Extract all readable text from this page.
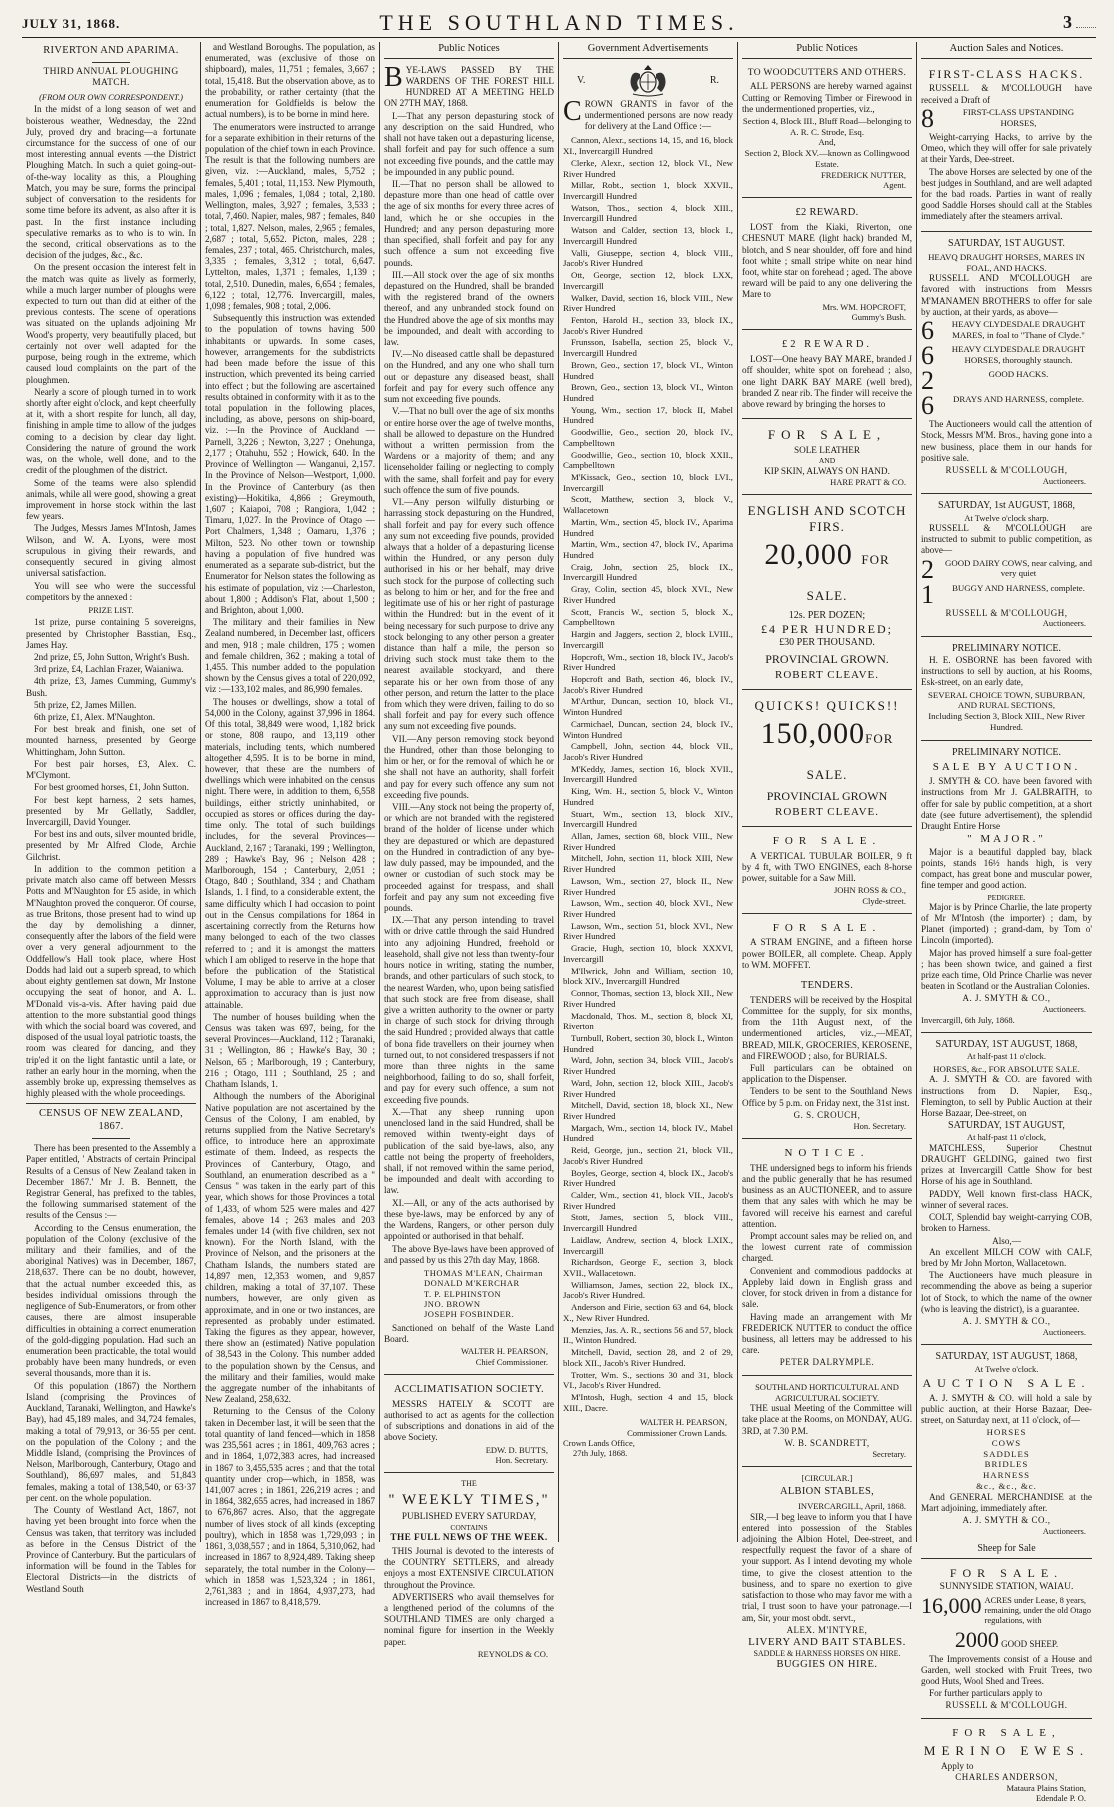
JULY 31, 1868.	THE SOUTHLAND TIMES.	3
RIVERTON AND APARIMA.
THIRD ANNUAL PLOUGHING MATCH.
(FROM OUR OWN CORRESPONDENT.)

In the midst of a long season of wet and boisterous weather, Wednesday, the 22nd July, proved dry and bracing—a fortunate circumstance for the success of one of our most interesting annual events —the District Ploughing Match. In such a quiet going-out-of-the-way locality as this, a Ploughing Match, you may be sure, forms the principal subject of conversation to the residents for some time before its advent, as also after it is past. In the first instance including speculative remarks as to who is to win. In the second, critical observations as to the decision of the judges, &c., &c.

On the present occasion the interest felt in the match was quite as lively as formerly, while a much larger number of ploughs were expected to turn out than did at either of the previous contests. The scene of operations was situated on the uplands adjoining Mr Wood's property, very beautifully placed, but certainly not over well adapted for the purpose, being rough in the extreme, which caused loud complaints on the part of the ploughmen.

Nearly a score of plough turned in to work shortly after eight o'clock, and kept cheerfully at it, with a short respite for lunch, all day, finishing in ample time to allow of the judges coming to a decision by clear day light. Considering the nature of ground the work was, on the whole, well done, and to the credit of the ploughmen of the district.

Some of the teams were also splendid animals, while all were good, showing a great improvement in horse stock within the last few years.

The Judges, Messrs James M'Intosh, James Wilson, and W. A. Lyons, were most scrupulous in giving their rewards, and consequently secured in giving almost universal satisfaction.

You will see who were the successful competitors by the annexed :

PRIZE LIST.

1st prize, purse containing 5 sovereigns, presented by Christopher Basstian, Esq., James Hay.

2nd prize, £5, John Sutton, Wright's Bush.

3rd prize, £4, Lachlan Frazer, Waianiwa.

4th prize, £3, James Cumming, Gummy's Bush.

5th prize, £2, James Millen.

6th prize, £1, Alex. M'Naughton.

For best break and finish, one set of mounted harness, presented by George Whittingham, John Sutton.

For best pair horses, £3, Alex. C. M'Clymont.

For best groomed horses, £1, John Sutton.

For best kept harness, 2 sets hames, presented by Mr Gellatly, Saddler, Invercargill, David Younger.

For best ins and outs, silver mounted bridle, presented by Mr Alfred Clode, Archie Gilchrist.

In addition to the common petition a private match also came off between Messrs Potts and M'Naughton for £5 aside, in which M'Naughton proved the conqueror. Of course, as true Britons, those present had to wind up the day by demolishing a dinner, consequently after the labors of the field were over a very general adjournment to the Oddfellow's Hall took place, where Host Dodds had laid out a superb spread, to which about eighty gentlemen sat down, Mr Instone occupying the seat of honor, and A. L. M'Donald vis-a-vis. After having paid due attention to the more substantial good things with which the social board was covered, and disposed of the usual loyal patriotic toasts, the room was cleared for dancing, and they trip'ed it on the light fantastic until a late, or rather an early hour in the morning, when the assembly broke up, expressing themselves as highly pleased with the whole proceedings.

CENSUS OF NEW ZEALAND, 1867.

There has been presented to the Assembly a Paper entitled, ' Abstracts of certain Principal Results of a Census of New Zealand taken in December 1867.' Mr J. B. Bennett, the Registrar General, has prefixed to the tables, the following summarised statement of the results of the Census :—

According to the Census enumeration, the population of the Colony (exclusive of the military and their families, and of the aboriginal Natives) was in December, 1867, 218,637. There can be no doubt, however, that the actual number exceeded this, as besides individual omissions through the negligence of Sub-Enumerators, or from other causes, there are almost insuperable difficulties in obtaining a correct enumeration of the gold-digging population. Had such an enumeration been practicable, the total would probably have been many hundreds, or even several thousands, more than it is.

Of this population (1867) the Northern Island (comprising the Provinces of Auckland, Taranaki, Wellington, and Hawke's Bay), had 45,189 males, and 34,724 females, making a total of 79,913, or 36·55 per cent. on the population of the Colony ; and the Middle Island, (comprising the Provinces of Nelson, Marlborough, Canterbury, Otago and Southland), 86,697 males, and 51,843 females, making a total of 138,540, or 63·37 per cent. on the whole population.

The County of Westland Act, 1867, not having yet been brought into force when the Census was taken, that territory was included as before in the Census District of the Province of Canterbury. But the particulars of information will be found in the Tables for Electoral Districts—in the districts of Westland South

and Westland Boroughs. The population, as enumerated, was (exclusive of those on shipboard), males, 11,751 ; females, 3,667 ; total, 15,418. But the observation above, as to the probability, or rather certainty (that the enumeration for Goldfields is below the actual numbers), is to be borne in mind here.

The enumerators were instructed to arrange for a separate exhibition in their returns of the population of the chief town in each Province. The result is that the following numbers are given, viz. :—Auckland, males, 5,752 ; females, 5,401 ; total, 11,153. New Plymouth, males, 1,096 ; females, 1,084 ; total, 2,180. Wellington, males, 3,927 ; females, 3,533 ; total, 7,460. Napier, males, 987 ; females, 840 ; total, 1,827. Nelson, males, 2,965 ; females, 2,687 ; total, 5,652. Picton, males, 228 ; females, 237 ; total, 465. Christchurch, males, 3,335 ; females, 3,312 ; total, 6,647. Lyttelton, males, 1,371 ; females, 1,139 ; total, 2,510. Dunedin, males, 6,654 ; females, 6,122 ; total, 12,776. Invercargill, males, 1,098 ; females, 908 ; total, 2,006.

Subsequently this instruction was extended to the population of towns having 500 inhabitants or upwards. In some cases, however, arrangements for the subdistricts had been made before the issue of this instruction, which prevented its being carried into effect ; but the following are ascertained results obtained in conformity with it as to the total population in the following places, including, as above, persons on ship-board, viz. :—In the Province of Auckland — Parnell, 3,226 ; Newton, 3,227 ; Onehunga, 2,177 ; Otahuhu, 552 ; Howick, 640. In the Province of Wellington — Wanganui, 2,157. In the Province of Nelson—Westport, 1,000. In the Province of Canterbury (as then existing)—Hokitika, 4,866 ; Greymouth, 1,607 ; Kaiapoi, 708 ; Rangiora, 1,042 ; Timaru, 1,027. In the Province of Otago — Port Chalmers, 1,348 ; Oamaru, 1,376 ; Milton, 523. No other town or township having a population of five hundred was enumerated as a separate sub-district, but the Enumerator for Nelson states the following as his estimate of population, viz :—Charleston, about 1,800 ; Addison's Flat, about 1,500 ; and Brighton, about 1,000.

The military and their families in New Zealand numbered, in December last, officers and men, 918 ; male children, 175 ; women and female children, 362 ; making a total of 1,455. This number added to the population shown by the Census gives a total of 220,092, viz :—133,102 males, and 86,990 females.

The houses or dwellings, show a total of 54,000 in the Colony, against 37,996 in 1864. Of this total, 38,849 were wood, 1,182 brick or stone, 808 raupo, and 13,119 other materials, including tents, which numbered altogether 4,595. It is to be borne in mind, however, that these are the numbers of dwellings which were inhabited on the census night. There were, in addition to them, 6,558 buildings, either strictly uninhabited, or occupied as stores or offices during the day-time only. The total of such buildings includes, for the several Provinces—Auckland, 2,167 ; Taranaki, 199 ; Wellington, 289 ; Hawke's Bay, 96 ; Nelson 428 ; Marlborough, 154 ; Canterbury, 2,051 ; Otago, 840 ; Southland, 334 ; and Chatham Islands, 1. I find, to a considerable extent, the same difficulty which I had occasion to point out in the Census compilations for 1864 in ascertaining correctly from the Returns how many belonged to each of the two classes referred to ; and it is amongst the matters which I am obliged to reserve in the hope that before the publication of the Statistical Volume, I may be able to arrive at a closer approximation to accuracy than is just now attainable.

The number of houses building when the Census was taken was 697, being, for the several Provinces—Auckland, 112 ; Taranaki, 31 ; Wellington, 86 ; Hawke's Bay, 30 ; Nelson, 65 ; Marlborough, 19 ; Canterbury, 216 ; Otago, 111 ; Southland, 25 ; and Chatham Islands, 1.

Although the numbers of the Aboriginal Native population are not ascertained by the Census of the Colony, I am enabled, by returns supplied from the Native Secretary's office, to introduce here an approximate estimate of them. Indeed, as respects the Provinces of Canterbury, Otago, and Southland, an enumeration described as a " Census " was taken in the early part of this year, which shows for those Provinces a total of 1,433, of whom 525 were males and 427 females, above 14 ; 263 males and 203 females under 14 (with five children, sex not known). For the North Island, with the Province of Nelson, and the prisoners at the Chatham Islands, the numbers stated are 14,897 men, 12,353 women, and 9,857 children, making a total of 37,107. These numbers, however, are only given as approximate, and in one or two instances, are represented as probably under estimated. Taking the figures as they appear, however, there show an (estimated) Native population of 38,543 in the Colony. This number added to the population shown by the Census, and the military and their families, would make the aggregate number of the inhabitants of New Zealand, 258,632.

Returning to the Census of the Colony taken in December last, it will be seen that the total quantity of land fenced—which in 1858 was 235,561 acres ; in 1861, 409,763 acres ; and in 1864, 1,072,383 acres, had increased in 1867 to 3,455,535 acres ; and that the total quantity under crop—which, in 1858, was 141,007 acres ; in 1861, 226,219 acres ; and in 1864, 382,655 acres, had increased in 1867 to 676,867 acres. Also, that the aggregate number of lives stock of all kinds (excepting poultry), which in 1858 was 1,729,093 ; in 1861, 3,038,557 ; and in 1864, 5,310,062, had increased in 1867 to 8,924,489. Taking sheep separately, the total number in the Colony—which in 1858 was 1,523,324 ; in 1861, 2,761,383 ; and in 1864, 4,937,273, had increased in 1867 to 8,418,579.

Public Notices

BYE-LAWS PASSED BY THE WARDENS OF THE FOREST HILL HUNDRED AT A MEETING HELD ON 27TH MAY, 1868.

I.—That any person depasturing stock of any description on the said Hundred, who shall not have taken out a depasturing license, shall forfeit and pay for such offence a sum not exceeding five pounds, and the cattle may be impounded in any public pound.

II.—That no person shall be allowed to depasture more than one head of cattle over the age of six months for every three acres of land, which he or she occupies in the Hundred; and any person depasturing more than specified, shall forfeit and pay for any such offence a sum not exceeding five pounds.

III.—All stock over the age of six months depastured on the Hundred, shall be branded with the registered brand of the owners thereof, and any unbranded stock found on the Hundred above the age of six months may be impounded, and dealt with according to law.

IV.—No diseased cattle shall be depastured on the Hundred, and any one who shall turn out or depasture any diseased beast, shall forfeit and pay for every such offence any sum not exceeding five pounds.

V.—That no bull over the age of six months or entire horse over the age of twelve months, shall be allowed to depasture on the Hundred without a written permission from the Wardens or a majority of them; and any licenseholder failing or neglecting to comply with the same, shall forfeit and pay for every such offence the sum of five pounds.

VI.—Any person wilfully disturbing or harrassing stock depasturing on the Hundred, shall forfeit and pay for every such offence any sum not exceeding five pounds, provided always that a holder of a depasturing license within the Hundred, or any person duly authorised in his or her behalf, may drive such stock for the purpose of collecting such as belong to him or her, and for the free and legitimate use of his or her right of pasturage within the Hundred: but in the event of it being necessary for such purpose to drive any stock belonging to any other person a greater distance than half a mile, the person so driving such stock must take them to the nearest available stockyard, and there separate his or her own from those of any other person, and return the latter to the place from which they were driven, failing to do so shall forfeit and pay for every such offence any sum not exceeding five pounds.

VII.—Any person removing stock beyond the Hundred, other than those belonging to him or her, or for the removal of which he or she shall not have an authority, shall forfeit and pay for every such offence any sum not exceeding five pounds.

VIII.—Any stock not being the property of, or which are not branded with the registered brand of the holder of license under which they are depastured or which are depastured on the Hundred in contradiction of any bye-law duly passed, may be impounded, and the owner or custodian of such stock may be proceeded against for trespass, and shall forfeit and pay any sum not exceeding five pounds.

IX.—That any person intending to travel with or drive cattle through the said Hundred into any adjoining Hundred, freehold or leasehold, shall give not less than twenty-four hours notice in writing, stating the number, brands, and other particulars of such stock, to the nearest Warden, who, upon being satisfied that such stock are free from disease, shall give a written authority to the owner or party in charge of such stock for driving through the said Hundred ; provided always that cattle of bona fide travellers on their journey when turned out, to not considered trespassers if not more than three nights in the same neighborhood, failing to do so, shall forfeit, and pay for every such offence, a sum not exceeding five pounds.

X.—That any sheep running upon unenclosed land in the said Hundred, shall be removed within twenty-eight days of publication of the said bye-laws, also, any cattle not being the property of freeholders, shall, if not removed within the same period, be impounded and dealt with according to law.

XI.—All, or any of the acts authorised by these bye-laws, may be enforced by any of the Wardens, Rangers, or other person duly appointed or authorised in that behalf.

The above Bye-laws have been approved of and passed by us this 27th day May, 1868.

THOMAS M'LEAN, Chairman
DONALD M'KERCHAR
T. P. ELPHINSTON
JNO. BROWN
JOSEPH FOSBINDER.

Sanctioned on behalf of the Waste Land Board.

WALTER H. PEARSON,
Chief Commissioner.
ACCLIMATISATION SOCIETY.

MESSRS HATELY & SCOTT are authorised to act as agents for the collection of subscriptions and donations in aid of the above Society.

EDW. D. BUTTS,
Hon. Secretary.
THE
" WEEKLY TIMES,"
PUBLISHED EVERY SATURDAY,
CONTAINS
THE FULL NEWS OF THE WEEK.

THIS Journal is devoted to the interests of the COUNTRY SETTLERS, and already enjoys a most EXTENSIVE CIRCULATION throughout the Province.

ADVERTISERS who avail themselves for a lengthened period of the columns of the SOUTHLAND TIMES are only charged a nominal figure for insertion in the Weekly paper.

REYNOLDS & CO.
Government Advertisements
V.	R.

CROWN GRANTS in favor of the undermentioned persons are now ready for delivery at the Land Office :—

Cannon, Alexr., sections 14, 15, and 16, block XI., Invercargill Hundred

Clerke, Alexr., section 12, block VI., New River Hundred

Millar, Robt., section 1, block XXVII., Invercargill Hundred

Watson, Thos., section 4, block XIII., Invercargill Hundred

Watson and Calder, section 13, block I., Invercargill Hundred

Valli, Giuseppe, section 4, block VIII., Jacob's River Hundred

Ott, George, section 12, block LXX, Invercargill

Walker, David, section 16, block VIII., New River Hundred

Fenton, Harold H., section 33, block IX., Jacob's River Hundred

Frunsson, Isabella, section 25, block V., Invercargill Hundred

Brown, Geo., section 17, block VI., Winton Hundred

Brown, Geo., section 13, block VI., Winton Hundred

Young, Wm., section 17, block II, Mabel Hundred

Goodwillie, Geo., section 20, block IV., Campbelltown

Goodwillie, Geo., section 10, block XXII., Campbelltown

M'Kissack, Geo., section 10, block LVI., Invercargill

Scott, Matthew, section 3, block V., Wallacetown

Martin, Wm., section 45, block IV., Aparima Hundred

Martin, Wm., section 47, block IV., Aparima Hundred

Craig, John, section 25, block IX., Invercargill Hundred

Gray, Colin, section 45, block XVI., New River Hundred

Scott, Francis W., section 5, block X., Campbelltown

Hargin and Jaggers, section 2, block LVIII., Invercargill

Hopcroft, Wm., section 18, block IV., Jacob's River Hundred

Hopcroft and Bath, section 46, block IV., Jacob's River Hundred

M'Arthur, Duncan, section 10, block VI., Winton Hundred

Carmichael, Duncan, section 24, block IV., Winton Hundred

Campbell, John, section 44, block VII., Jacob's River Hundred

M'Keddy, James, section 16, block XVII., Invercargill Hundred

King, Wm. H., section 5, block V., Winton Hundred

Stuart, Wm., section 13, block XIV., Invercargill Hundred

Allan, James, section 68, block VIII., New River Hundred

Mitchell, John, section 11, block XIII, New River Hundred

Lawson, Wm., section 27, block II., New River Hundred

Lawson, Wm., section 40, block XVI., New River Hundred

Lawson, Wm., section 51, block XVI., New River Hundred

Gracie, Hugh, section 10, block XXXVI, Invercargill

M'Ilwrick, John and William, section 10, block XIV., Invercargill Hundred

Connor, Thomas, section 13, block XII., New River Hundred

Macdonald, Thos. M., section 8, block XI, Riverton

Turnbull, Robert, section 30, block I., Winton Hundred

Ward, John, section 34, block VIII., Jacob's River Hundred

Ward, John, section 12, block XIII., Jacob's River Hundred

Mitchell, David, section 18, block XI., New River Hundred

Margach, Wm., section 14, block IV., Mabel Hundred

Reid, George, jun., section 21, block VII., Jacob's River Hundred

Boyles, George, section 4, block IX., Jacob's River Hundred

Calder, Wm., section 41, block VII., Jacob's River Hundred

Stott, James, section 5, block VIII., Invercargill Hundred

Laidlaw, Andrew, section 4, block LXIX., Invercargill

Richardson, George F., section 3, block XVII., Wallacetown.

Williamson, James, section 22, block IX., Jacob's River Hundred.

Anderson and Firie, section 63 and 64, block X., New River Hundred.

Menzies, Jas. A. R., sections 56 and 57, block II., Winton Hundred.

Mitchell, David, section 28, and 2 of 29, block XII., Jacob's River Hundred.

Trotter, Wm. S., sections 30 and 31, block VI., Jacob's River Hundred.

M'Intosh, Hugh, section 4 and 15, block XIII., Dacre.

WALTER H. PEARSON,
Commissioner Crown Lands.
Crown Lands Office,
27th July, 1868.
Public Notices
TO WOODCUTTERS AND OTHERS.

ALL PERSONS are hereby warned against Cutting or Removing Timber or Firewood in the undermentioned properties, viz.,

Section 4, Block III., Bluff Road—belonging to A. R. C. Strode, Esq.
And,
Section 2, Block XV.—known as Collingwood Estate.
FREDERICK NUTTER,
Agent.
£2 REWARD.

LOST from the Kiaki, Riverton, one CHESNUT MARE (light hack) branded M, blotch, and S near shoulder, off fore and hind foot white ; small stripe white on near hind foot, white star on forehead ; aged. The above reward will be paid to any one delivering the Mare to

Mrs. WM. HOPCROFT,
Gummy's Bush.
£2 REWARD.

LOST—One heavy BAY MARE, branded J off shoulder, white spot on forehead ; also, one light DARK BAY MARE (well bred), branded Z near rib. The finder will receive the above reward by bringing the horses to

FOR SALE,
SOLE LEATHER
AND
KIP SKIN, ALWAYS ON HAND.
HARE PRATT & CO.
ENGLISH AND SCOTCH FIRS.
20,000 FOR SALE.
12s. PER DOZEN;
£4 PER HUNDRED;
£30 PER THOUSAND.
PROVINCIAL GROWN.
ROBERT CLEAVE.
QUICKS! QUICKS!!
150,000FOR SALE.
PROVINCIAL GROWN
ROBERT CLEAVE.
FOR SALE.

A VERTICAL TUBULAR BOILER, 9 ft by 4 ft, with TWO ENGINES, each 8-horse power, suitable for a Saw Mill.

JOHN ROSS & CO.,
Clyde-street.
FOR SALE.

A STRAM ENGINE, and a fifteen horse power BOILER, all complete. Cheap. Apply to WM. MOFFET.

TENDERS.

TENDERS will be received by the Hospital Committee for the supply, for six months, from the 11th August next, of the undermentioned articles, viz.,—MEAT, BREAD, MILK, GROCERIES, KEROSENE, and FIREWOOD ; also, for BURIALS.

Full particulars can be obtained on application to the Dispenser.

Tenders to be sent to the Southland News Office by 5 p.m. on Friday next, the 31st inst.

G. S. CROUCH,
Hon. Secretary.
NOTICE.

THE undersigned begs to inform his friends and the public generally that he has resumed business as an AUCTIONEER, and to assure them that any sales with which he may be favored will receive his earnest and careful attention.

Prompt account sales may be relied on, and the lowest current rate of commission charged.

Convenient and commodious paddocks at Appleby laid down in English grass and clover, for stock driven in from a distance for sale.

Having made an arrangement with Mr FREDERICK NUTTER to conduct the office business, all letters may be addressed to his care.

PETER DALRYMPLE.
SOUTHLAND HORTICULTURAL AND AGRICULTURAL SOCIETY.

THE usual Meeting of the Committee will take place at the Rooms, on MONDAY, AUG. 3RD, at 7.30 P.M.

W. B. SCANDRETT,
Secretary.
[CIRCULAR.]
ALBION STABLES,
INVERCARGILL, April, 1868.

SIR,—I beg leave to inform you that I have entered into possession of the Stables adjoining the Albion Hotel, Dee-street, and respectfully request the favor of a share of your support. As I intend devoting my whole time, to give the closest attention to the business, and to spare no exertion to give satisfaction to those who may favor me with a trial, I trust soon to have your patronage.—I am, Sir, your most obdt. servt.,

ALEX. M'INTYRE,
LIVERY AND BAIT STABLES.
SADDLE & HARNESS HORSES ON HIRE.
BUGGIES ON HIRE.
Auction Sales and Notices.
FIRST-CLASS HACKS.

RUSSELL & M'COLLOUGH have received a Draft of

8	FIRST-CLASS UPSTANDING HORSES,

Weight-carrying Hacks, to arrive by the Omeo, which they will offer for sale privately at their Yards, Dee-street.

The above Horses are selected by one of the best judges in Southland, and are well adapted for the bad roads. Parties in want of really good Saddle Horses should call at the Stables immediately after the steamers arrival.

SATURDAY, 1ST AUGUST.
HEAVQ DRAUGHT HORSES, MARES IN FOAL, AND HACKS.

RUSSELL AND M'COLLOUGH are favored with instructions from Messrs M'MANAMEN BROTHERS to offer for sale by auction, at their yards, as above—

6	HEAVY CLYDESDALE DRAUGHT MARES, in foal to "Thane of Clyde."
6	HEAVY CLYDESDALE DRAUGHT HORSES, thoroughly staunch.
2	GOOD HACKS.
6	DRAYS AND HARNESS, complete.

The Auctioneers would call the attention of Stock, Messrs M'M. Bros., having gone into a new business, place them in our hands for positive sale.

RUSSELL & M'COLLOUGH,
Auctioneers.
SATURDAY, 1st AUGUST, 1868,
At Twelve o'clock sharp.

RUSSELL & M'COLLOUGH are instructed to submit to public competition, as above—

2	GOOD DAIRY COWS, near calving, and very quiet
1	BUGGY AND HARNESS, complete.
RUSSELL & M'COLLOUGH,
Auctioneers.
PRELIMINARY NOTICE.

H. E. OSBORNE has been favored with instructions to sell by auction, at his Rooms, Esk-street, on an early date,

SEVERAL CHOICE TOWN, SUBURBAN, AND RURAL SECTIONS,
Including Section 3, Block XIII., New River Hundred.
PRELIMINARY NOTICE.
SALE BY AUCTION.

J. SMYTH & CO. have been favored with instructions from Mr J. GALBRAITH, to offer for sale by public competition, at a short date (see future advertisement), the splendid Draught Entire Horse

" MAJOR."

Major is a beautiful dappled bay, black points, stands 16½ hands high, is very compact, has great bone and muscular power, fine temper and good action.

PEDIGREE.

Major is by Prince Charlie, the late property of Mr M'Intosh (the importer) ; dam, by Planet (imported) ; grand-dam, by Tom o' Lincoln (imported).

Major has proved himself a sure foal-getter ; has been shown twice, and gained a first prize each time, Old Prince Charlie was never beaten in Scotland or the Australian Colonies.

A. J. SMYTH & CO.,
Auctioneers.
Invercargill, 6th July, 1868.
SATURDAY, 1ST AUGUST, 1868,
At half-past 11 o'clock.
HORSES, &c., FOR ABSOLUTE SALE.

A. J. SMYTH & CO. are favored with instructions from D. Napier, Esq., Flemington, to sell by Public Auction at their Horse Bazaar, Dee-street, on

SATURDAY, 1ST AUGUST,
At half-past 11 o'clock,

MATCHLESS, Superior Chestnut DRAUGHT GELDING, gained two first prizes at Invercargill Cattle Show for best Horse of his age in Southland.

PADDY, Well known first-class HACK, winner of several races.

COLT, Splendid bay weight-carrying COB, broken to Harness.

Also,—

An excellent MILCH COW with CALF, bred by Mr John Morton, Wallacetown.

The Auctioneers have much pleasure in recommending the above as being a superior lot of Stock, to which the name of the owner (who is leaving the district), is a guarantee.

A. J. SMYTH & CO.,
Auctioneers.
SATURDAY, 1ST AUGUST, 1868,
At Twelve o'clock.
AUCTION SALE.

A. J. SMYTH & CO. will hold a sale by public auction, at their Horse Bazaar, Dee-street, on Saturday next, at 11 o'clock, of—

HORSES
COWS
SADDLES
BRIDLES
HARNESS
&c., &c., &c.

And GENERAL MERCHANDISE at the Mart adjoining, immediately after.

A. J. SMYTH & CO.,
Auctioneers.
Sheep for Sale
FOR SALE.
SUNNYSIDE STATION, WAIAU.
16,000 ACRES under Lease, 8 years, remaining, under the old Otago regulations, with
2000 GOOD SHEEP.

The Improvements consist of a House and Garden, well stocked with Fruit Trees, two good Huts, Wool Shed and Trees.

For further particulars apply to

RUSSELL & M'COLLOUGH.
FOR SALE,
MERINO EWES.
Apply to
CHARLES ANDERSON,
Mataura Plains Station,
Edendale P. O.
